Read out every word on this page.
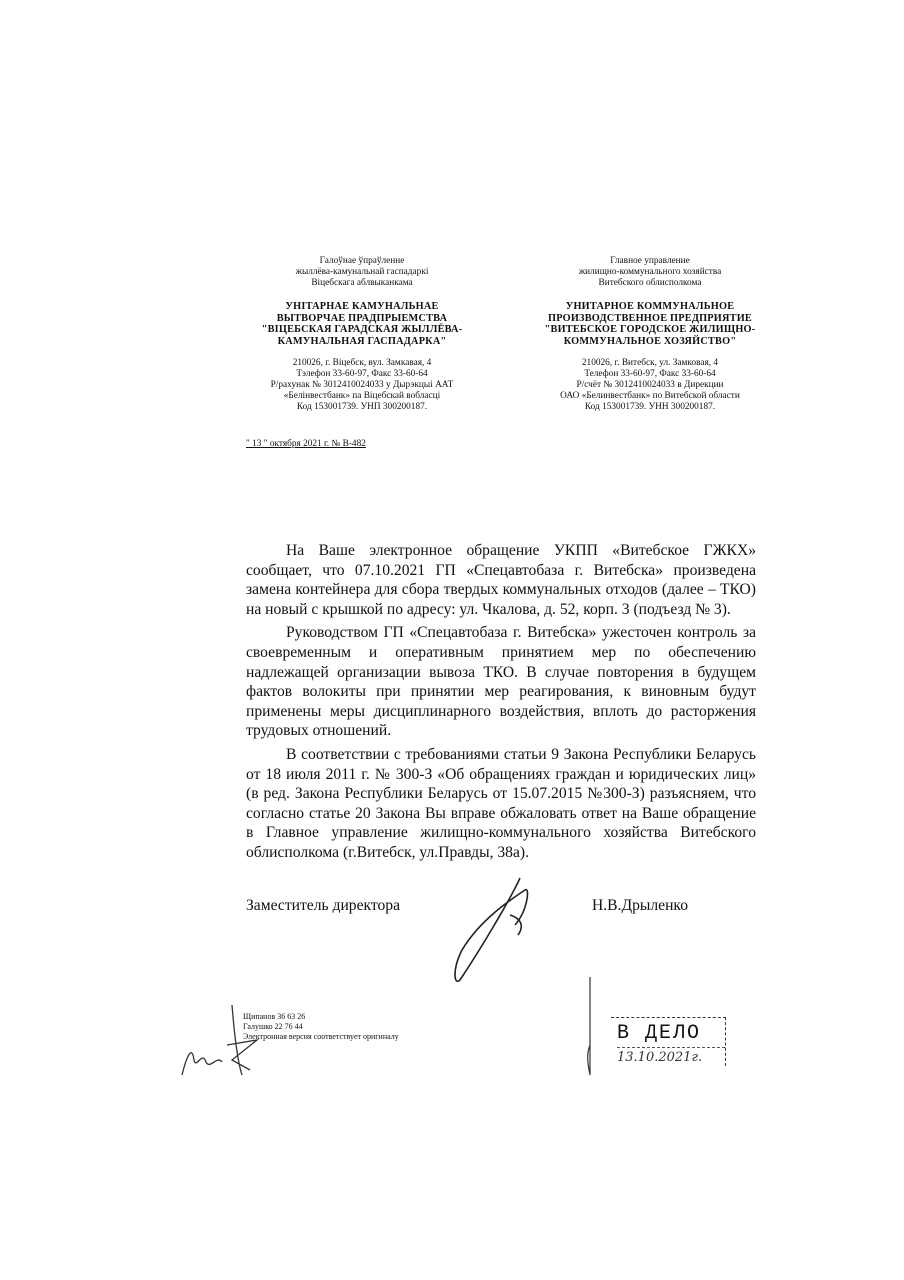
Галоўнае ўпраўленне
жыллёва-камунальнай гаспадаркі
Віцебскага аблвыканкама
УНІТАРНАЕ КАМУНАЛЬНАЕ
ВЫТВОРЧАЕ ПРАДПРЫЕМСТВА
"ВІЦЕБСКАЯ ГАРАДСКАЯ ЖЫЛЛЁВА-
КАМУНАЛЬНАЯ ГАСПАДАРКА"
210026, г. Віцебск, вул. Замкавая, 4
Тэлефон 33-60-97, Факс 33-60-64
Р/рахунак № 3012410024033 у Дырэкцыі ААТ
«Белінвестбанк» па Віцебскай вобласці
Код 153001739. УНП 300200187.
Главное управление
жилищно-коммунального хозяйства
Витебского облисполкома
УНИТАРНОЕ КОММУНАЛЬНОЕ
ПРОИЗВОДСТВЕННОЕ ПРЕДПРИЯТИЕ
"ВИТЕБСКОЕ ГОРОДСКОЕ ЖИЛИЩНО-
КОММУНАЛЬНОЕ ХОЗЯЙСТВО"
210026, г. Витебск, ул. Замковая, 4
Телефон 33-60-97, Факс 33-60-64
Р/счёт № 3012410024033 в Дирекции
ОАО «Белинвестбанк» по Витебской области
Код 153001739. УНН 300200187.
" 13 " октября 2021 г. № В-482

На Ваше электронное обращение УКПП «Витебское ГЖКХ» сообщает, что 07.10.2021 ГП «Спецавтобаза г. Витебска» произведена замена контейнера для сбора твердых коммунальных отходов (далее – ТКО) на новый с крышкой по адресу: ул. Чкалова, д. 52, корп. 3 (подъезд № 3).

Руководством ГП «Спецавтобаза г. Витебска» ужесточен контроль за своевременным и оперативным принятием мер по обеспечению надлежащей организации вывоза ТКО. В случае повторения в будущем фактов волокиты при принятии мер реагирования, к виновным будут применены меры дисциплинарного воздействия, вплоть до расторжения трудовых отношений.

В соответствии с требованиями статьи 9 Закона Республики Беларусь от 18 июля 2011 г. № 300-З «Об обращениях граждан и юридических лиц» (в ред. Закона Республики Беларусь от 15.07.2015 №300-З) разъясняем, что согласно статье 20 Закона Вы вправе обжаловать ответ на Ваше обращение в Главное управление жилищно-коммунального хозяйства Витебского облисполкома (г.Витебск, ул.Правды, 38а).

Заместитель директора	Н.В.Дрыленко
Щипанов 36 63 26
Галушко 22 76 44
Электронная версия соответствует оригиналу	В ДЕЛО
13.10.2021г.
